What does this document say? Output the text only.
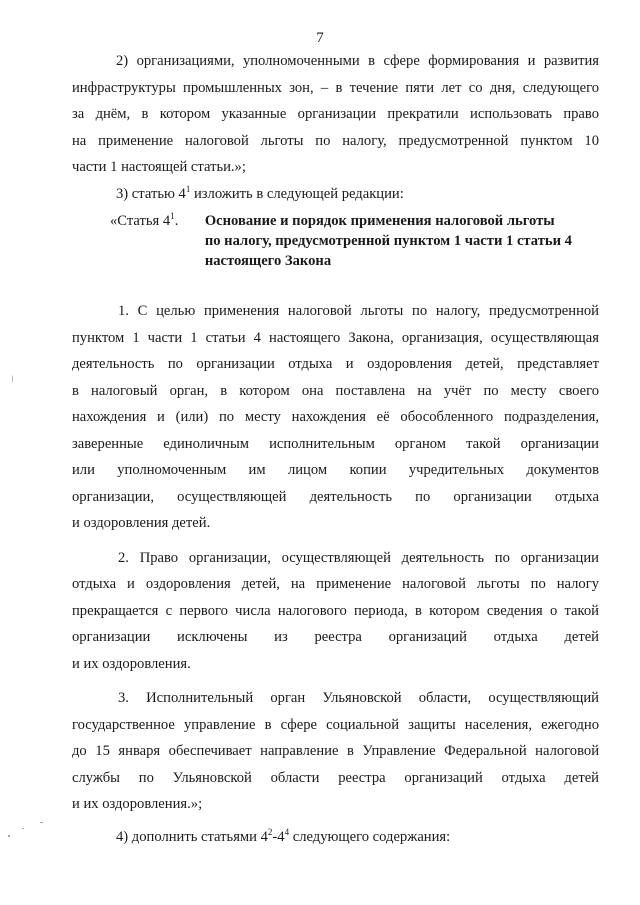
7

2) организациями, уполномоченными в сфере формирования и развития

инфраструктуры промышленных зон, – в течение пяти лет со дня, следующего

за днём, в котором указанные организации прекратили использовать право

на применение налоговой льготы по налогу, предусмотренной пунктом 10

части 1 настоящей статьи.»;

3) статью $4^1$ изложить в следующей редакции:

«Статья $4^1$.	Основание и порядок применения налоговой льготы
по налогу, предусмотренной пунктом 1 части 1 статьи 4
настоящего Закона

1. С целью применения налоговой льготы по налогу, предусмотренной

пунктом 1 части 1 статьи 4 настоящего Закона, организация, осуществляющая

деятельность по организации отдыха и оздоровления детей, представляет

в налоговый орган, в котором она поставлена на учёт по месту своего

нахождения и (или) по месту нахождения её обособленного подразделения,

заверенные единоличным исполнительным органом такой организации

или уполномоченным им лицом копии учредительных документов

организации, осуществляющей деятельность по организации отдыха

и оздоровления детей.

2. Право организации, осуществляющей деятельность по организации

отдыха и оздоровления детей, на применение налоговой льготы по налогу

прекращается с первого числа налогового периода, в котором сведения о такой

организации исключены из реестра организаций отдыха детей

и их оздоровления.

3. Исполнительный орган Ульяновской области, осуществляющий

государственное управление в сфере социальной защиты населения, ежегодно

до 15 января обеспечивает направление в Управление Федеральной налоговой

службы по Ульяновской области реестра организаций отдыха детей

и их оздоровления.»;

4) дополнить статьями $4^2-4^4$ следующего содержания:
